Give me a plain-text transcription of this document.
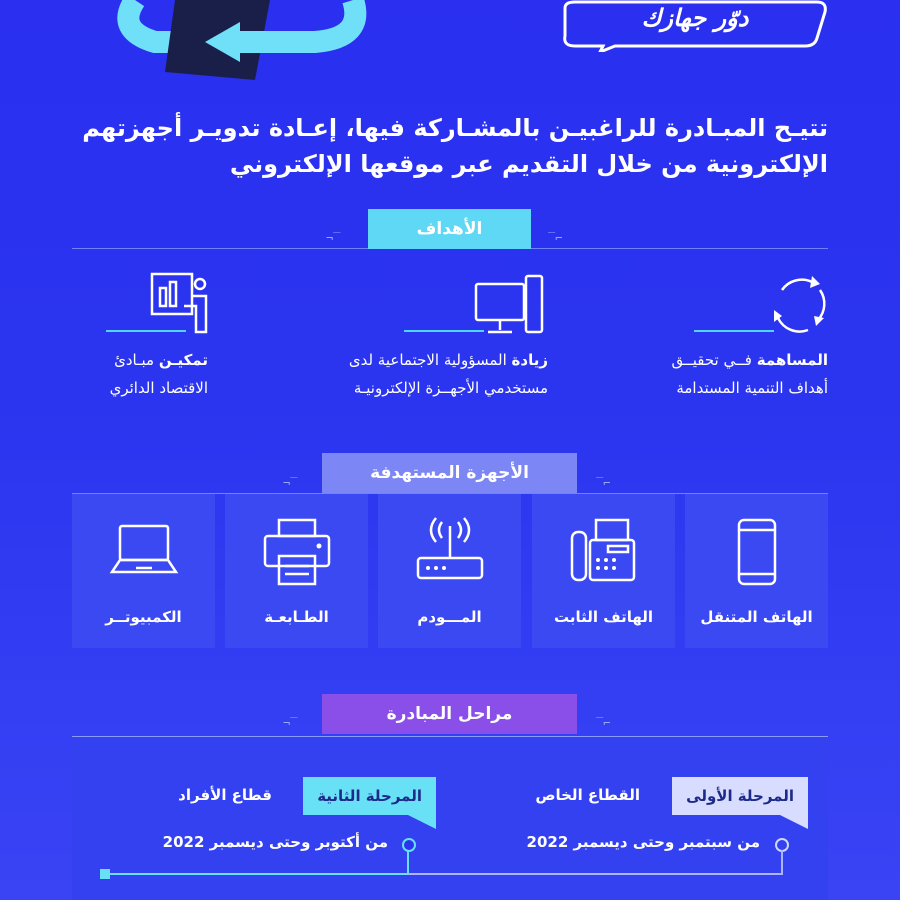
دوّر جهازك
تتيـح المبـادرة للراغبيـن بالمشـاركة فيها، إعـادة تدويـر أجهزتهم
الإلكترونية من خلال التقديم عبر موقعها الإلكتروني
الأهداف	⌐‾
‾¬
المساهمة فــي تحقيــق
أهداف التنمية المستدامة
زيادة المسؤولية الاجتماعية لدى
مستخدمي الأجهــزة الإلكترونيـة
تمكيـن مبـادئ
الاقتصاد الدائري
الأجهزة المستهدفة	⌐‾
‾¬
الهاتف المتنقل
الهاتف الثابت
المـــودم
الطـابعـة
الكمبيوتــر
مراحل المبادرة	⌐‾
‾¬
المرحلة الأولى
القطاع الخاص
من سبتمبر وحتى ديسمبر 2022
المرحلة الثانية
قطاع الأفراد
من أكتوبر وحتى ديسمبر 2022
